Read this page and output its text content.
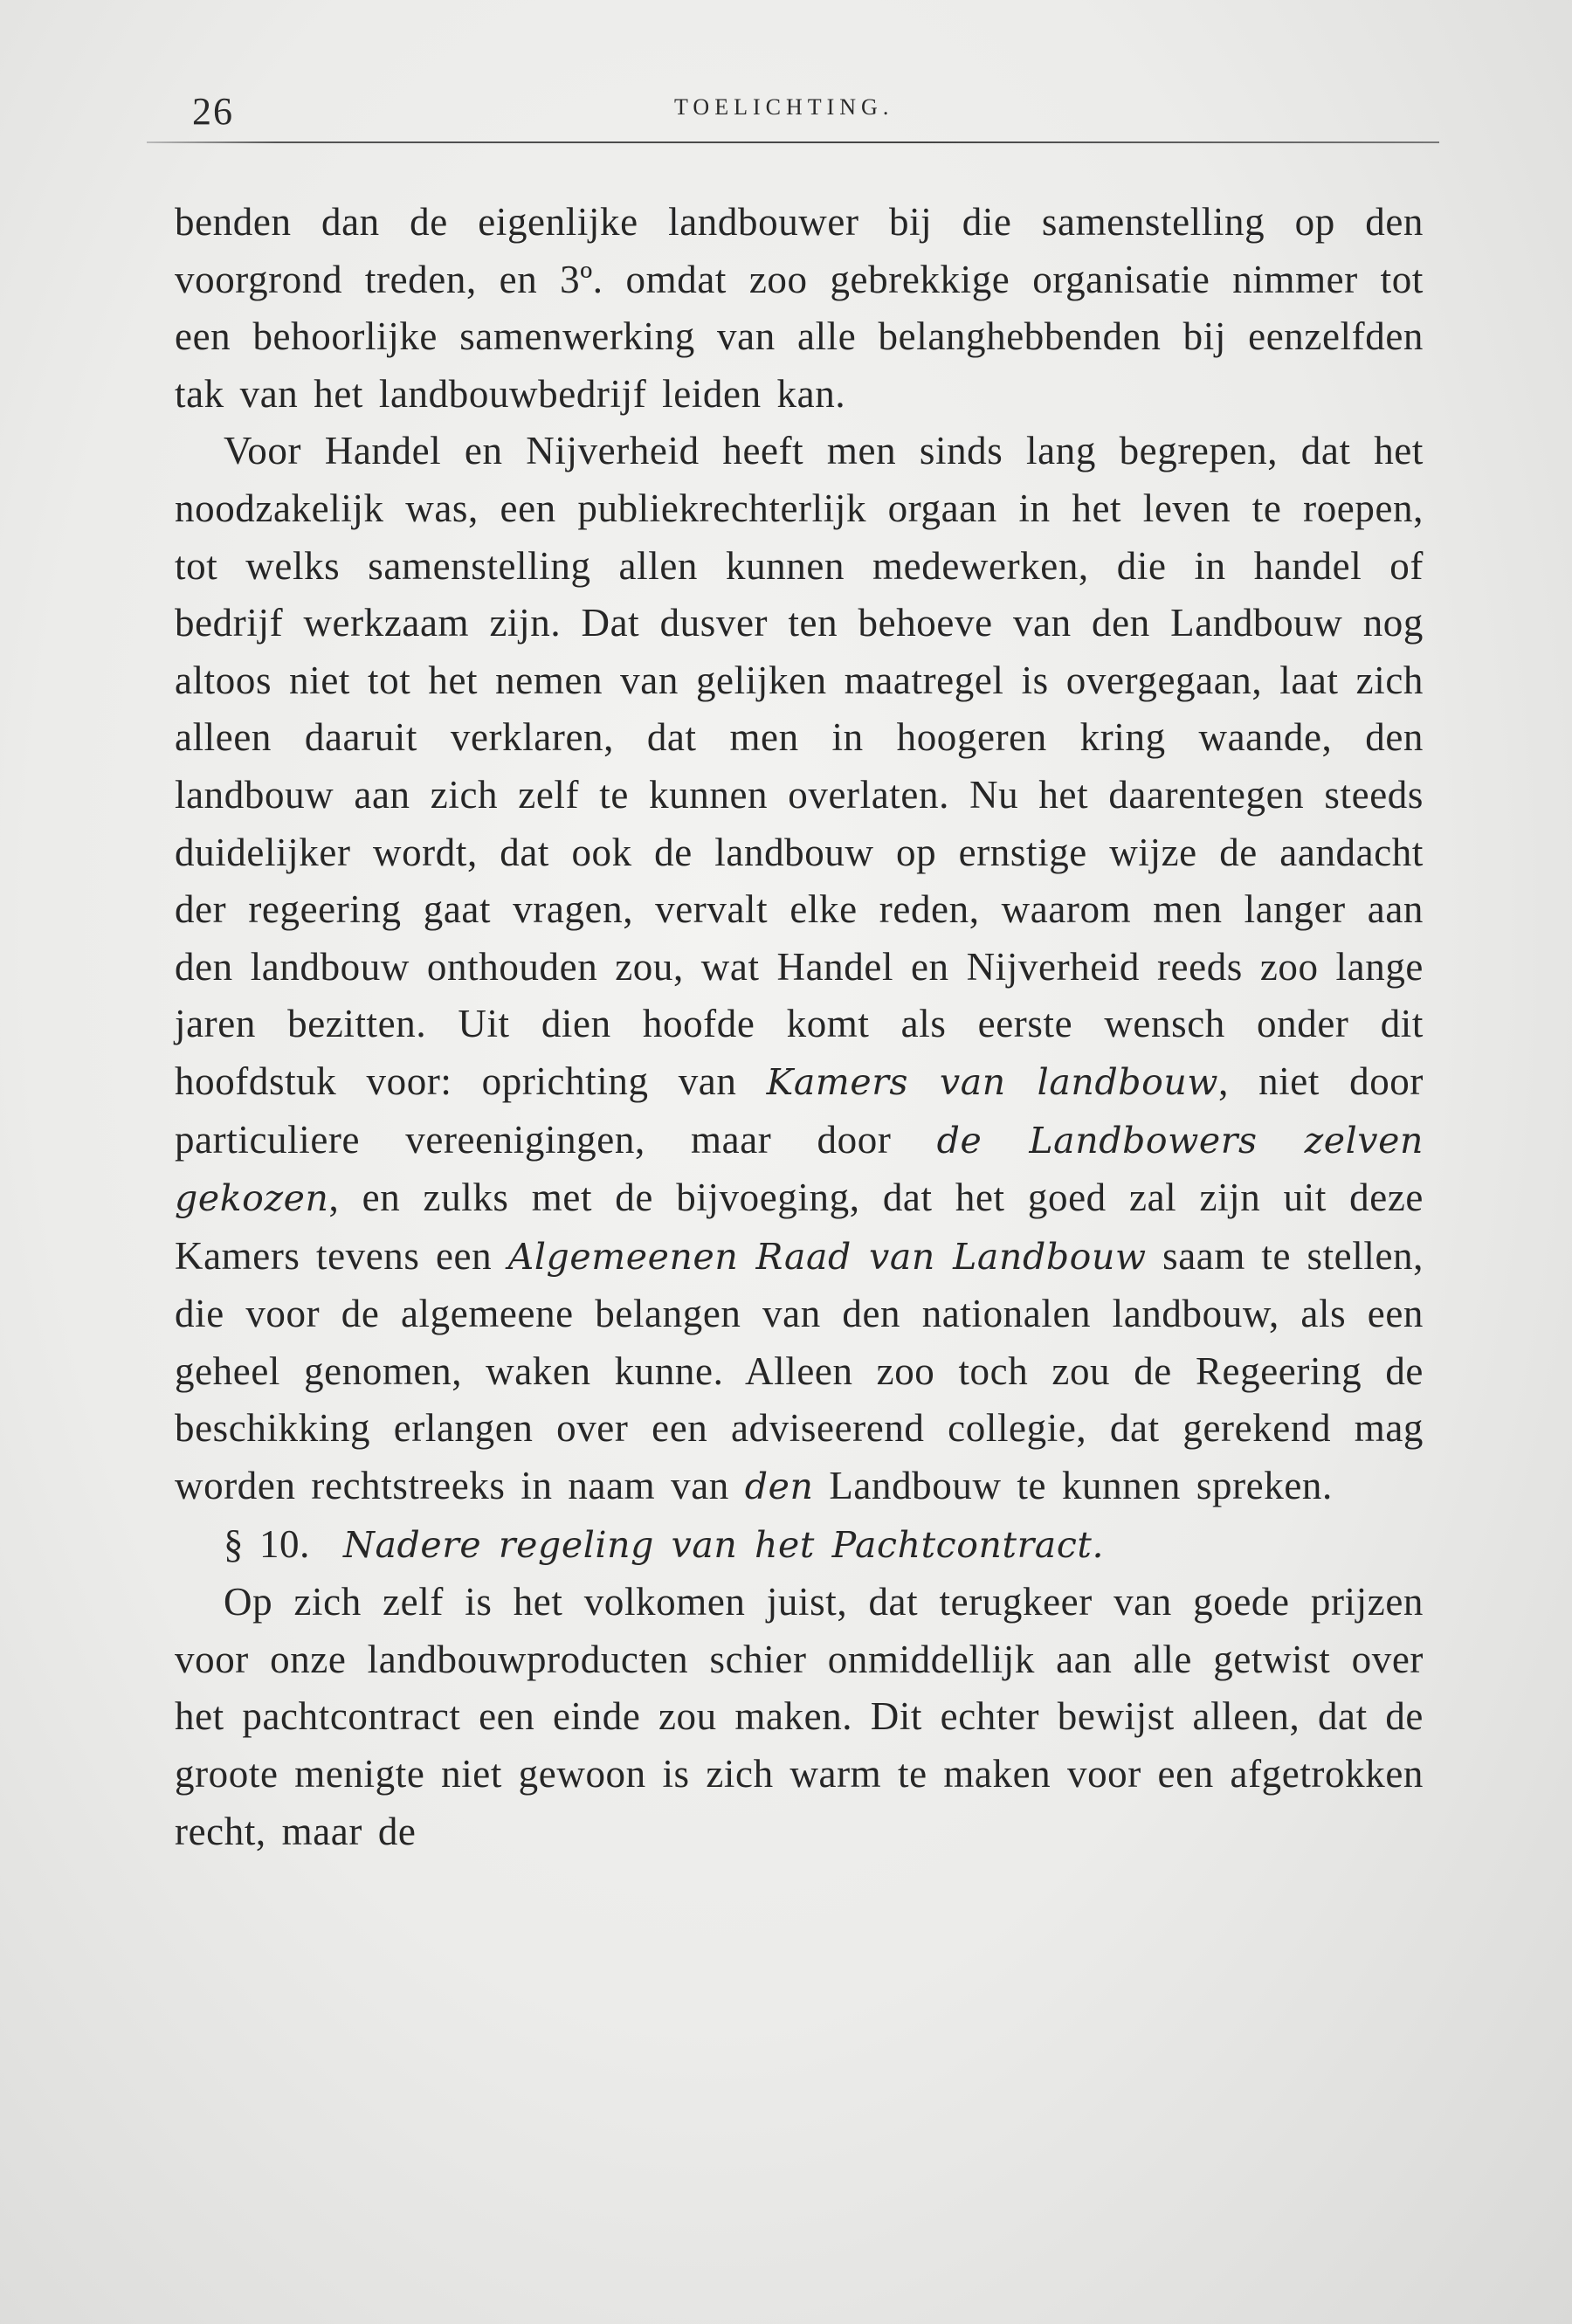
26	TOELICHTING.

benden dan de eigenlijke landbouwer bij die samenstelling op den voorgrond treden, en 3º. omdat zoo gebrekkige organisatie nimmer tot een behoorlijke samenwerking van alle belanghebbenden bij eenzelfden tak van het landbouwbedrijf leiden kan.

Voor Handel en Nijverheid heeft men sinds lang begrepen, dat het noodzakelijk was, een publiekrechterlijk orgaan in het leven te roepen, tot welks samenstelling allen kunnen medewerken, die in handel of bedrijf werkzaam zijn. Dat dusver ten behoeve van den Landbouw nog altoos niet tot het nemen van gelijken maatregel is overgegaan, laat zich alleen daaruit verklaren, dat men in hoogeren kring waande, den landbouw aan zich zelf te kunnen overlaten. Nu het daarentegen steeds duidelijker wordt, dat ook de landbouw op ernstige wijze de aandacht der regeering gaat vragen, vervalt elke reden, waarom men langer aan den landbouw onthouden zou, wat Handel en Nijverheid reeds zoo lange jaren bezitten. Uit dien hoofde komt als eerste wensch onder dit hoofdstuk voor: oprichting van Kamers van landbouw, niet door particuliere vereenigingen, maar door de Landbowers zelven gekozen, en zulks met de bijvoeging, dat het goed zal zijn uit deze Kamers tevens een Algemeenen Raad van Landbouw saam te stellen, die voor de algemeene belangen van den nationalen landbouw, als een geheel genomen, waken kunne. Alleen zoo toch zou de Regeering de beschikking erlangen over een adviseerend collegie, dat gerekend mag worden rechtstreeks in naam van den Landbouw te kunnen spreken.

§ 10. Nadere regeling van het Pachtcontract.

Op zich zelf is het volkomen juist, dat terugkeer van goede prijzen voor onze landbouwproducten schier onmiddellijk aan alle getwist over het pachtcontract een einde zou maken. Dit echter bewijst alleen, dat de groote menigte niet gewoon is zich warm te maken voor een afgetrokken recht, maar de
